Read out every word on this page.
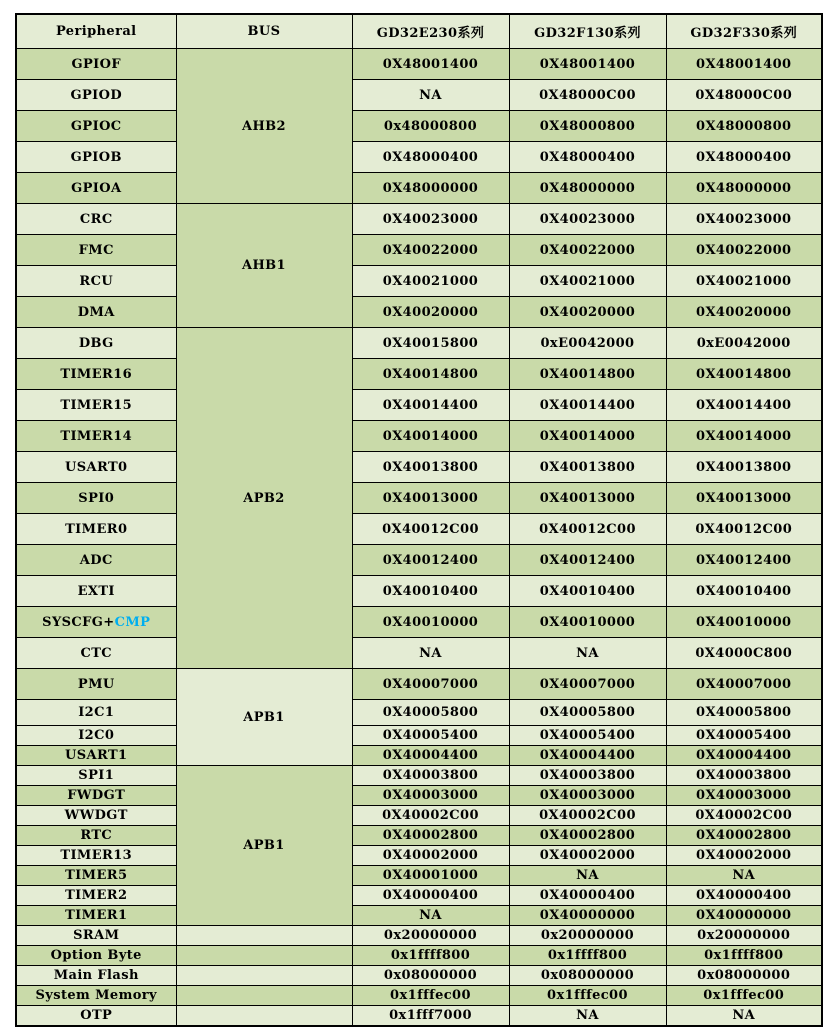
Peripheral	BUS	GD32E230系列	GD32F130系列	GD32F330系列
GPIOF	AHB2	0X48001400	0X48001400	0X48001400
GPIOD		NA	0X48000C00	0X48000C00
GPIOC		0x48000800	0X48000800	0X48000800
GPIOB		0X48000400	0X48000400	0X48000400
GPIOA		0X48000000	0X48000000	0X48000000
CRC	AHB1	0X40023000	0X40023000	0X40023000
FMC		0X40022000	0X40022000	0X40022000
RCU		0X40021000	0X40021000	0X40021000
DMA		0X40020000	0X40020000	0X40020000
DBG	APB2	0X40015800	0xE0042000	0xE0042000
TIMER16		0X40014800	0X40014800	0X40014800
TIMER15		0X40014400	0X40014400	0X40014400
TIMER14		0X40014000	0X40014000	0X40014000
USART0		0X40013800	0X40013800	0X40013800
SPI0		0X40013000	0X40013000	0X40013000
TIMER0		0X40012C00	0X40012C00	0X40012C00
ADC		0X40012400	0X40012400	0X40012400
EXTI		0X40010400	0X40010400	0X40010400
SYSCFG+CMP		0X40010000	0X40010000	0X40010000
CTC		NA	NA	0X4000C800
PMU	APB1	0X40007000	0X40007000	0X40007000
I2C1		0X40005800	0X40005800	0X40005800
I2C0		0X40005400	0X40005400	0X40005400
USART1		0X40004400	0X40004400	0X40004400
SPI1	APB1	0X40003800	0X40003800	0X40003800
FWDGT		0X40003000	0X40003000	0X40003000
WWDGT		0X40002C00	0X40002C00	0X40002C00
RTC		0X40002800	0X40002800	0X40002800
TIMER13		0X40002000	0X40002000	0X40002000
TIMER5		0X40001000	NA	NA
TIMER2		0X40000400	0X40000400	0X40000400
TIMER1		NA	0X40000000	0X40000000
SRAM		0x20000000	0x20000000	0x20000000
Option Byte		0x1ffff800	0x1ffff800	0x1ffff800
Main Flash		0x08000000	0x08000000	0x08000000
System Memory		0x1fffec00	0x1fffec00	0x1fffec00
OTP		0x1fff7000	NA	NA
